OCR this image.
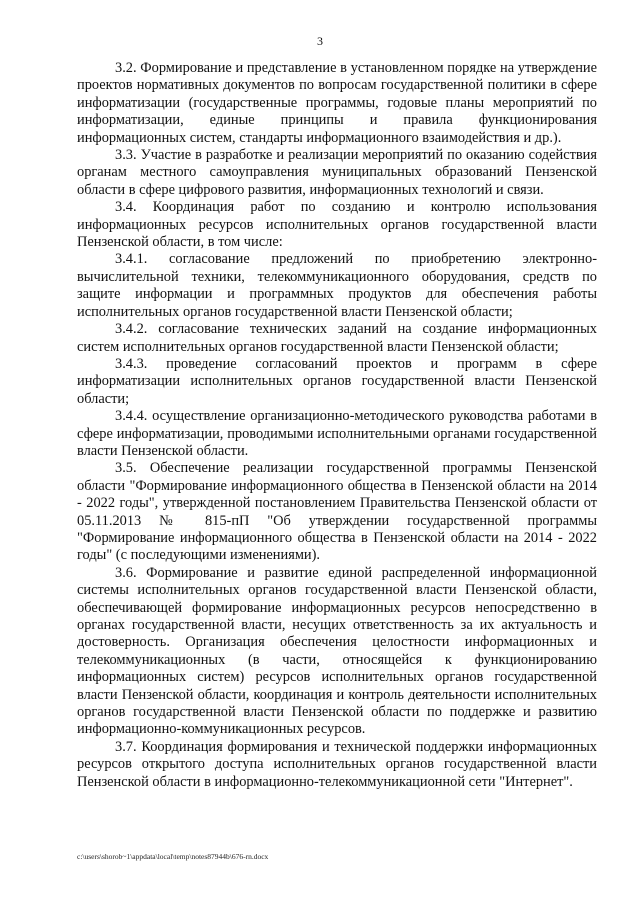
3

3.2. Формирование и представление в установленном порядке на утверждение проектов нормативных документов по вопросам государственной политики в сфере информатизации (государственные программы, годовые планы мероприятий по информатизации, единые принципы и правила функционирования информационных систем, стандарты информационного взаимодействия и др.).

3.3. Участие в разработке и реализации мероприятий по оказанию содействия органам местного самоуправления муниципальных образований Пензенской области в сфере цифрового развития, информационных технологий и связи.

3.4. Координация работ по созданию и контролю использования информационных ресурсов исполнительных органов государственной власти Пензенской области, в том числе:

3.4.1. согласование предложений по приобретению электронно-вычислительной техники, телекоммуникационного оборудования, средств по защите информации и программных продуктов для обеспечения работы исполнительных органов государственной власти Пензенской области;

3.4.2. согласование технических заданий на создание информационных систем исполнительных органов государственной власти Пензенской области;

3.4.3. проведение согласований проектов и программ в сфере информатизации исполнительных органов государственной власти Пензенской области;

3.4.4. осуществление организационно-методического руководства работами в сфере информатизации, проводимыми исполнительными органами государственной власти Пензенской области.

3.5. Обеспечение реализации государственной программы Пензенской области "Формирование информационного общества в Пензенской области на 2014 - 2022 годы", утвержденной постановлением Правительства Пензенской области от 05.11.2013 № 815-пП "Об утверждении государственной программы "Формирование информационного общества в Пензенской области на 2014 - 2022 годы" (с последующими изменениями).

3.6. Формирование и развитие единой распределенной информационной системы исполнительных органов государственной власти Пензенской области, обеспечивающей формирование информационных ресурсов непосредственно в органах государственной власти, несущих ответственность за их актуальность и достоверность. Организация обеспечения целостности информационных и телекоммуникационных (в части, относящейся к функционированию информационных систем) ресурсов исполнительных органов государственной власти Пензенской области, координация и контроль деятельности исполнительных органов государственной власти Пензенской области по поддержке и развитию информационно-коммуникационных ресурсов.

3.7. Координация формирования и технической поддержки информационных ресурсов открытого доступа исполнительных органов государственной власти Пензенской области в информационно-телекоммуникационной сети "Интернет".

c:\users\shorob~1\appdata\local\temp\notes87944b\676-rn.docx
